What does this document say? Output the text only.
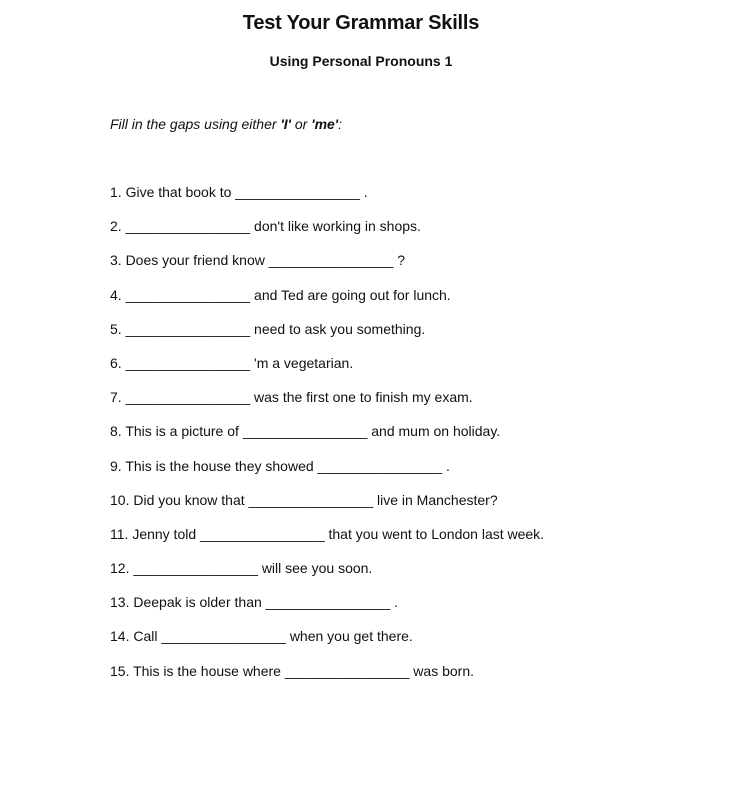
Test Your Grammar Skills
Using Personal Pronouns 1
Fill in the gaps using either 'I' or 'me':
1. Give that book to ________________ .
2. ________________ don't like working in shops.
3. Does your friend know ________________ ?
4. ________________ and Ted are going out for lunch.
5. ________________ need to ask you something.
6. ________________ 'm a vegetarian.
7. ________________ was the first one to finish my exam.
8. This is a picture of ________________ and mum on holiday.
9. This is the house they showed ________________ .
10. Did you know that ________________ live in Manchester?
11. Jenny told ________________ that you went to London last week.
12. ________________ will see you soon.
13. Deepak is older than ________________ .
14. Call ________________ when you get there.
15. This is the house where ________________ was born.
